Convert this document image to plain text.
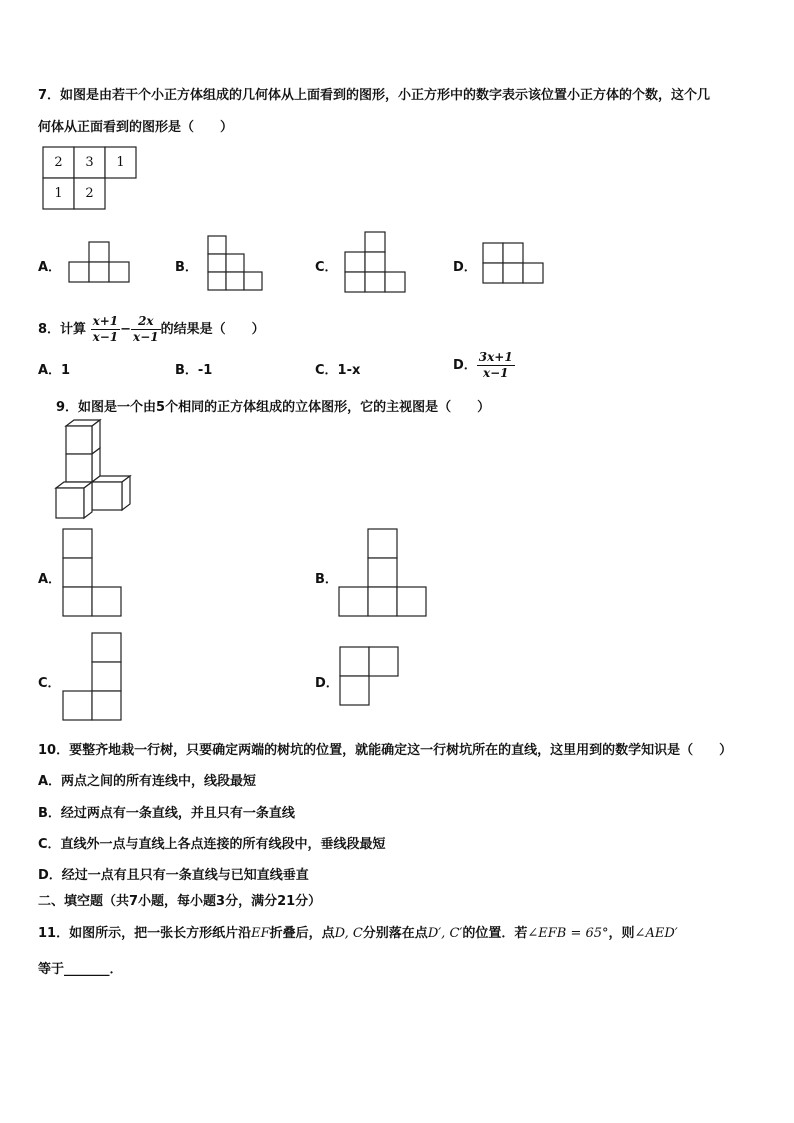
7．如图是由若干个小正方体组成的几何体从上面看到的图形，小正方形中的数字表示该位置小正方体的个数，这个几
何体从正面看到的图形是（　　）
2	3	1
1	2
A．	B．	C．	D．
8．计算 $\frac{x+1}{x-1} - \frac{2x}{x-1}$ 的结果是（　　）
A．1	B．-1	C．1-x	D． $\frac{3x+1}{x-1}$
9．如图是一个由5个相同的正方体组成的立体图形，它的主视图是（　　）
A．	B．
C．	D．
10．要整齐地栽一行树，只要确定两端的树坑的位置，就能确定这一行树坑所在的直线，这里用到的数学知识是（　　）
A．两点之间的所有连线中，线段最短
B．经过两点有一条直线，并且只有一条直线
C．直线外一点与直线上各点连接的所有线段中，垂线段最短
D．经过一点有且只有一条直线与已知直线垂直
二、填空题（共7小题，每小题3分，满分21分）
11．如图所示，把一张长方形纸片沿EF折叠后，点D, C分别落在点D′, C′的位置．若∠EFB = 65°，则∠AED′
等于_______．
